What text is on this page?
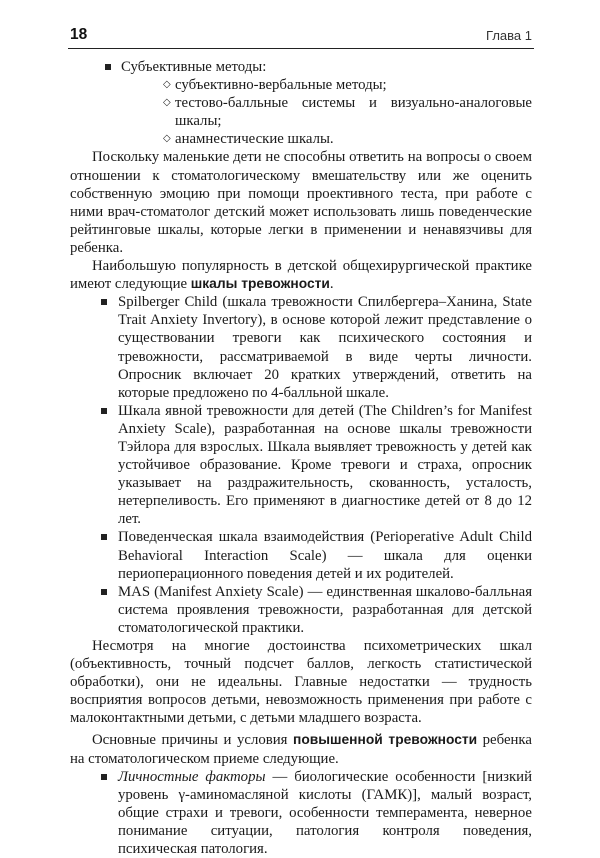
18	Глава 1
Субъективные методы:
◇ субъективно-вербальные методы;
◇ тестово-балльные системы и визуально-аналоговые шкалы;
◇ анамнестические шкалы.

Поскольку маленькие дети не способны ответить на вопросы о своем отношении к стоматологическому вмешательству или же оценить собственную эмоцию при помощи проективного теста, при работе с ними врач-стоматолог детский может использовать лишь поведенческие рейтинговые шкалы, которые легки в применении и ненавязчивы для ребенка.

Наибольшую популярность в детской общехирургической практике имеют следующие шкалы тревожности.

Spilberger Child (шкала тревожности Спилбергера–Ханина, State Trait Anxiety Invertory), в основе которой лежит представление о существовании тревоги как психического состояния и тревожности, рассматриваемой в виде черты личности. Опросник включает 20 кратких утверждений, ответить на которые предложено по 4-балльной шкале.
Шкала явной тревожности для детей (The Children’s for Manifest Anxiety Scale), разработанная на основе шкалы тревожности Тэйлора для взрослых. Шкала выявляет тревожность у детей как устойчивое образование. Кроме тревоги и страха, опросник указывает на раздражительность, скованность, усталость, нетерпеливость. Его применяют в диагностике детей от 8 до 12 лет.
Поведенческая шкала взаимодействия (Perioperative Adult Child Behavioral Interaction Scale) — шкала для оценки периоперационного поведения детей и их родителей.
MAS (Manifest Anxiety Scale) — единственная шкалово-балльная система проявления тревожности, разработанная для детской стоматологической практики.

Несмотря на многие достоинства психометрических шкал (объективность, точный подсчет баллов, легкость статистической обработки), они не идеальны. Главные недостатки — трудность восприятия вопросов детьми, невозможность применения при работе с малоконтактными детьми, с детьми младшего возраста.

Основные причины и условия повышенной тревожности ребенка на стоматологическом приеме следующие.

Личностные факторы — биологические особенности [низкий уровень γ-аминомасляной кислоты (ГАМК)], малый возраст, общие страхи и тревоги, особенности темперамента, неверное понимание ситуации, патология контроля поведения, психическая патология.
